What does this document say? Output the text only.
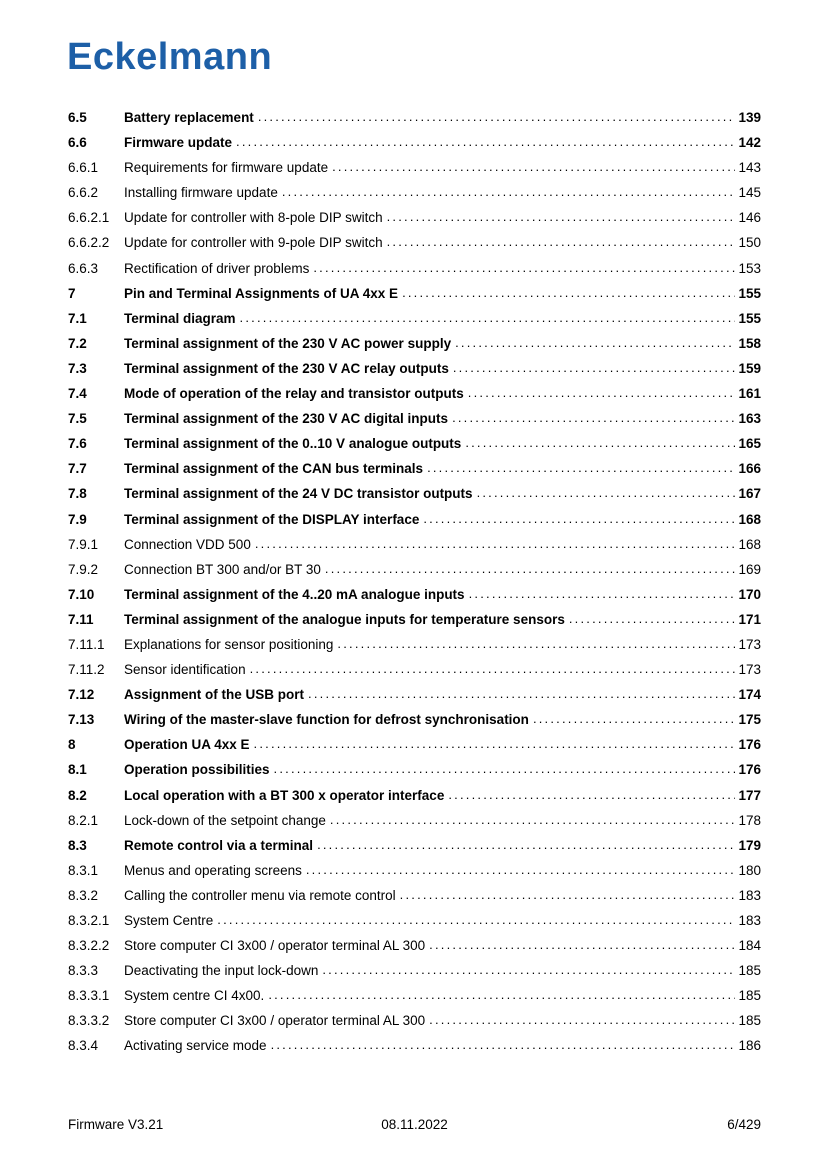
Eckelmann
6.5	Battery replacement .....	139
6.6	Firmware update .....	142
6.6.1	Requirements for firmware update .....	143
6.6.2	Installing firmware update .....	145
6.6.2.1	Update for controller with 8-pole DIP switch .....	146
6.6.2.2	Update for controller with 9-pole DIP switch .....	150
6.6.3	Rectification of driver problems .....	153
7	Pin and Terminal Assignments of UA 4xx E .....	155
7.1	Terminal diagram .....	155
7.2	Terminal assignment of the 230 V AC power supply .....	158
7.3	Terminal assignment of the 230 V AC relay outputs .....	159
7.4	Mode of operation of the relay and transistor outputs .....	161
7.5	Terminal assignment of the 230 V AC digital inputs .....	163
7.6	Terminal assignment of the 0..10 V analogue outputs .....	165
7.7	Terminal assignment of the CAN bus terminals .....	166
7.8	Terminal assignment of the 24 V DC transistor outputs .....	167
7.9	Terminal assignment of the DISPLAY interface .....	168
7.9.1	Connection VDD 500 .....	168
7.9.2	Connection BT 300 and/or BT 30 .....	169
7.10	Terminal assignment of the 4..20 mA analogue inputs .....	170
7.11	Terminal assignment of the analogue inputs for temperature sensors .....	171
7.11.1	Explanations for sensor positioning .....	173
7.11.2	Sensor identification .....	173
7.12	Assignment of the USB port .....	174
7.13	Wiring of the master-slave function for defrost synchronisation .....	175
8	Operation UA 4xx E .....	176
8.1	Operation possibilities .....	176
8.2	Local operation with a BT 300 x operator interface .....	177
8.2.1	Lock-down of the setpoint change .....	178
8.3	Remote control via a terminal .....	179
8.3.1	Menus and operating screens .....	180
8.3.2	Calling the controller menu via remote control .....	183
8.3.2.1	System Centre .....	183
8.3.2.2	Store computer CI 3x00 / operator terminal AL 300 .....	184
8.3.3	Deactivating the input lock-down .....	185
8.3.3.1	System centre CI 4x00. .....	185
8.3.3.2	Store computer CI 3x00 / operator terminal AL 300 .....	185
8.3.4	Activating service mode .....	186
Firmware V3.21	08.11.2022	6/429
